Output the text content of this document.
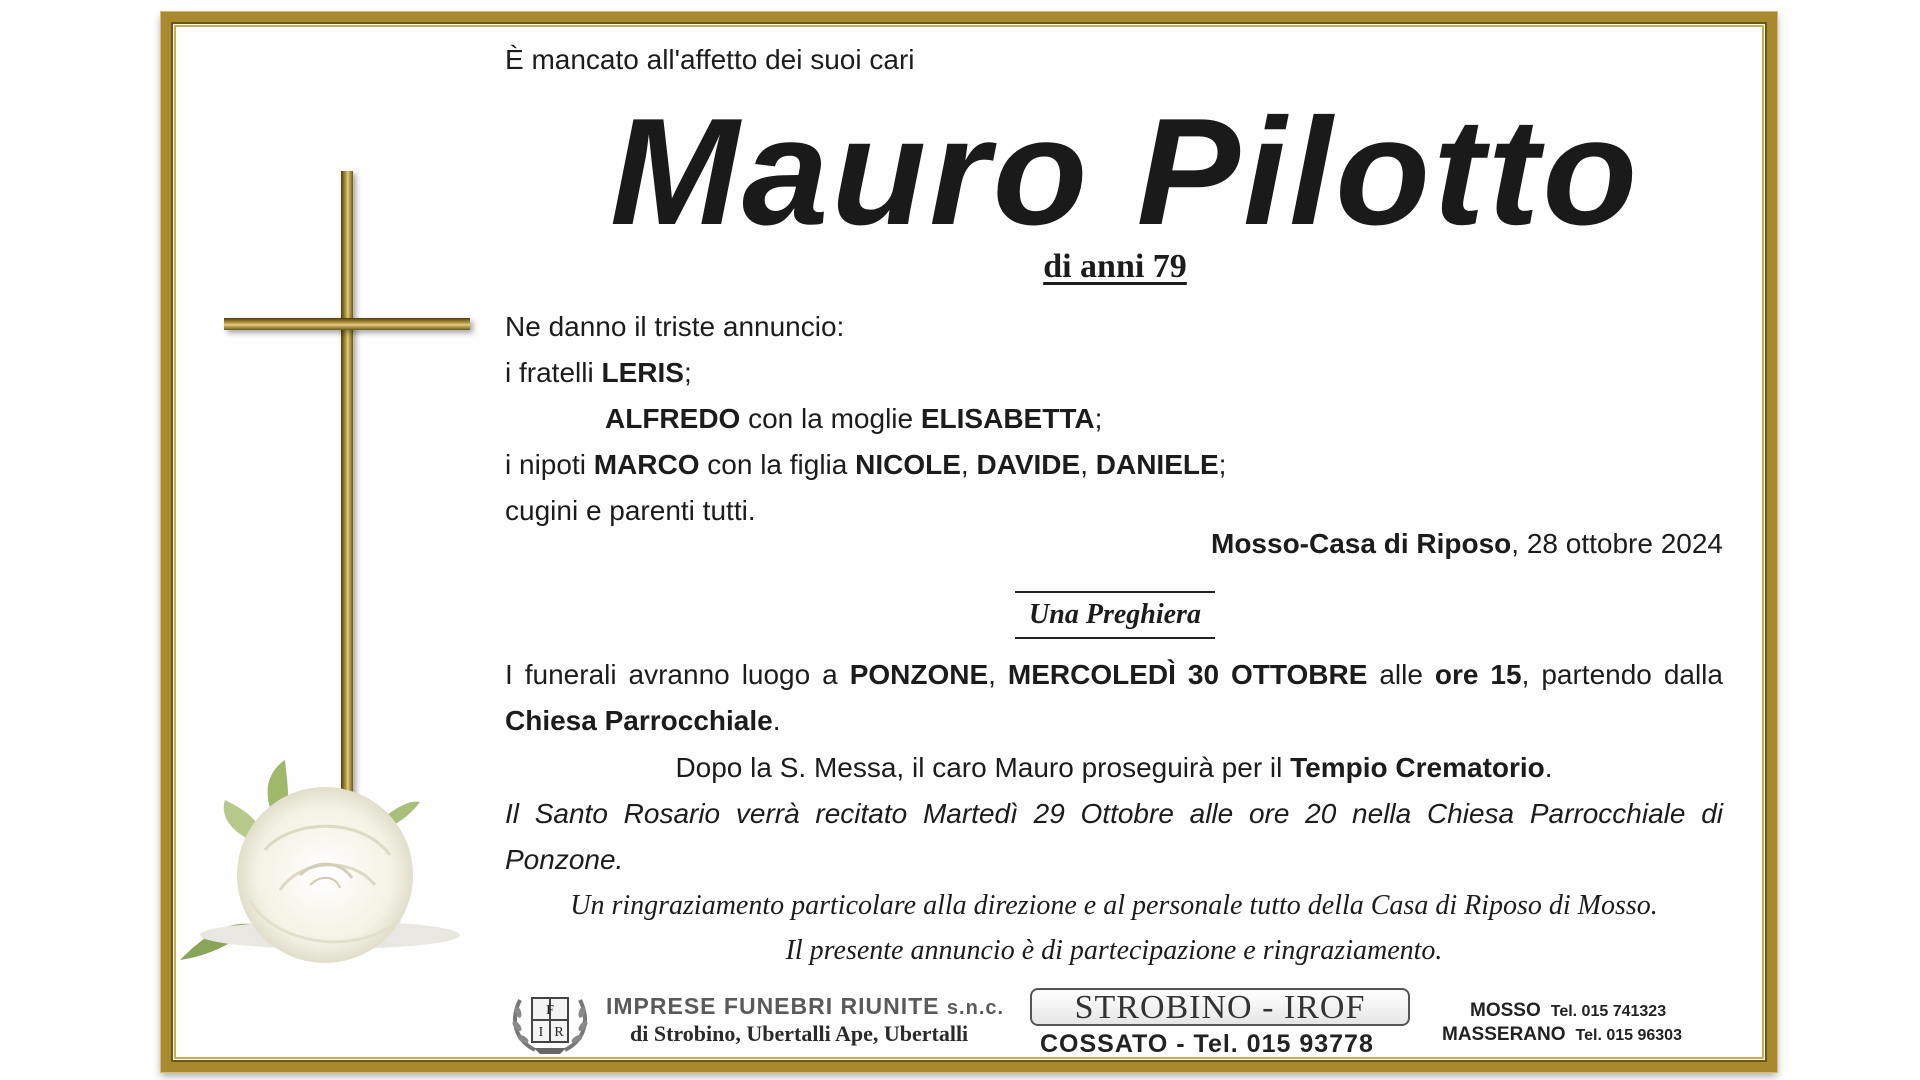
È mancato all'affetto dei suoi cari
Mauro Pilotto
di anni 79
Ne danno il triste annuncio:
i fratelli LERIS;
ALFREDO con la moglie ELISABETTA;
i nipoti MARCO con la figlia NICOLE, DAVIDE, DANIELE;
cugini e parenti tutti.
Mosso-Casa di Riposo, 28 ottobre 2024
Una Preghiera
I funerali avranno luogo a PONZONE, MERCOLEDÌ 30 OTTOBRE alle ore 15, partendo dalla Chiesa Parrocchiale.
Dopo la S. Messa, il caro Mauro proseguirà per il Tempio Crematorio.
Il Santo Rosario verrà recitato Martedì 29 Ottobre alle ore 20 nella Chiesa Parrocchiale di Ponzone.
Un ringraziamento particolare alla direzione e al personale tutto della Casa di Riposo di Mosso.
Il presente annuncio è di partecipazione e ringraziamento.
F
I R
IMPRESE FUNEBRI RIUNITE s.n.c.
di Strobino, Ubertalli Ape, Ubertalli
STROBINO - IROF
COSSATO - Tel. 015 93778
MOSSO Tel. 015 741323
MASSERANO Tel. 015 96303
